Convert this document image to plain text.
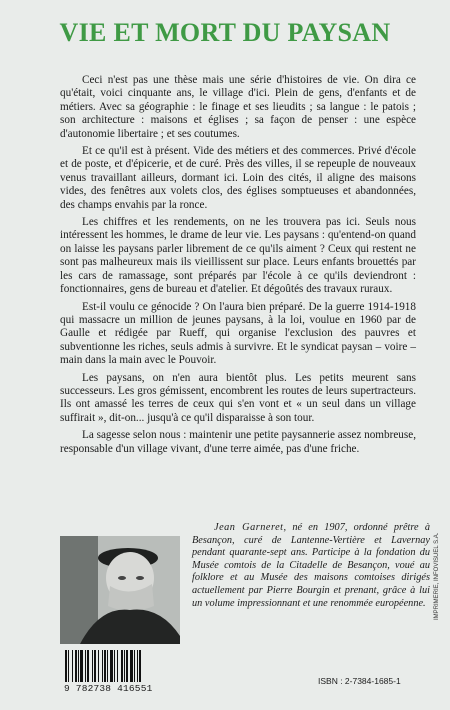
VIE ET MORT DU PAYSAN

Ceci n'est pas une thèse mais une série d'histoires de vie. On dira ce qu'était, voici cinquante ans, le village d'ici. Plein de gens, d'enfants et de métiers. Avec sa géographie : le finage et ses lieudits ; sa langue : le patois ; son architecture : maisons et églises ; sa façon de penser : une espèce d'autonomie libertaire ; et ses coutumes.

Et ce qu'il est à présent. Vide des métiers et des commerces. Privé d'école et de poste, et d'épicerie, et de curé. Près des villes, il se repeuple de nouveaux venus travaillant ailleurs, dormant ici. Loin des cités, il aligne des maisons vides, des fenêtres aux volets clos, des églises somptueuses et abandonnées, des champs envahis par la ronce.

Les chiffres et les rendements, on ne les trouvera pas ici. Seuls nous intéressent les hommes, le drame de leur vie. Les paysans : qu'entend-on quand on laisse les paysans parler librement de ce qu'ils aiment ? Ceux qui restent ne sont pas malheureux mais ils vieillissent sur place. Leurs enfants brouettés par les cars de ramassage, sont préparés par l'école à ce qu'ils deviendront : fonctionnaires, gens de bureau et d'atelier. Et dégoûtés des travaux ruraux.

Est-il voulu ce génocide ? On l'aura bien préparé. De la guerre 1914-1918 qui massacre un million de jeunes paysans, à la loi, voulue en 1960 par de Gaulle et rédigée par Rueff, qui organise l'exclusion des pauvres et subventionne les riches, seuls admis à survivre. Et le syndicat paysan – voire – main dans la main avec le Pouvoir.

Les paysans, on n'en aura bientôt plus. Les petits meurent sans successeurs. Les gros gémissent, encombrent les routes de leurs supertracteurs. Ils ont amassé les terres de ceux qui s'en vont et « un seul dans un village suffirait », dit-on... jusqu'à ce qu'il disparaisse à son tour.

La sagesse selon nous : maintenir une petite paysannerie assez nombreuse, responsable d'un village vivant, d'une terre aimée, pas d'une friche.

Jean Garneret, né en 1907, ordonné prêtre à Besançon, curé de Lantenne-Vertière et Lavernay pendant quarante-sept ans. Participe à la fondation du Musée comtois de la Citadelle de Besançon, voué au folklore et au Musée des maisons comtoises dirigés actuellement par Pierre Bourgin et prenant, grâce à lui un volume impressionnant et une renommée européenne.

9 782738 416551
ISBN : 2-7384-1685-1
IMPRIMERIE, INFOVISUEL S.A.
